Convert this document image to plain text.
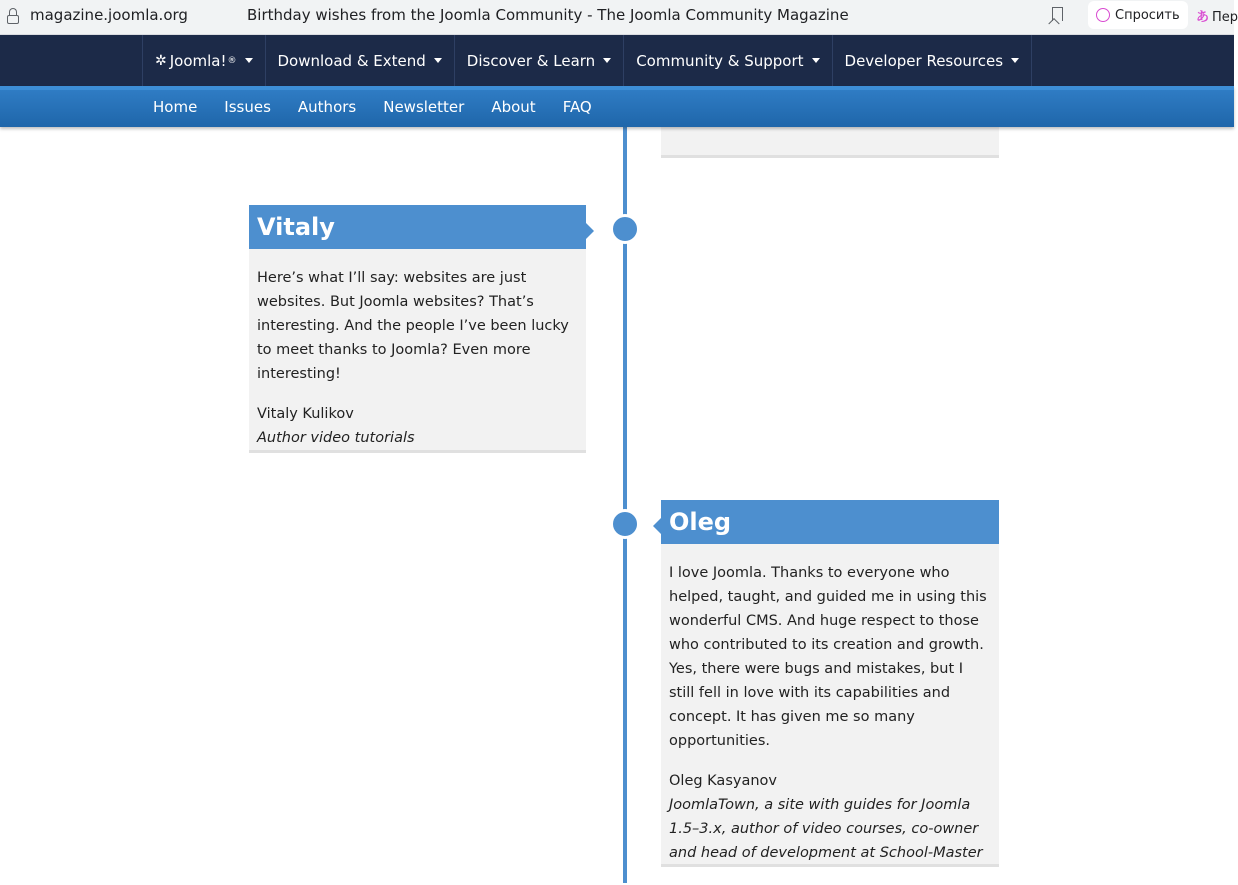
magazine.joomla.org	Birthday wishes from the Joomla Community - The Joomla Community Magazine	Спросить あ Пер
✲ Joomla! ®	Download & Extend	Discover & Learn	Community & Support	Developer Resources
Home Issues Authors Newsletter About FAQ
Vitaly

Here’s what I’ll say: websites are just websites. But Joomla websites? That’s interesting. And the people I’ve been lucky to meet thanks to Joomla? Even more interesting!

Vitaly Kulikov

Author video tutorials

Oleg

I love Joomla. Thanks to everyone who helped, taught, and guided me in using this wonderful CMS. And huge respect to those who contributed to its creation and growth. Yes, there were bugs and mistakes, but I still fell in love with its capabilities and concept. It has given me so many opportunities.

Oleg Kasyanov

JoomlaTown, a site with guides for Joomla 1.5–3.x, author of video courses, co-owner and head of development at School-Master
